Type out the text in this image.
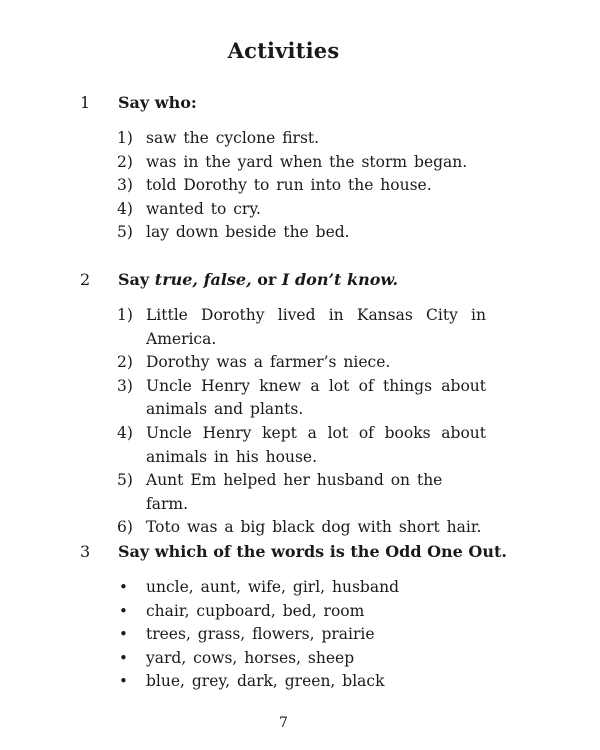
Activities
1 Say who:
1) saw the cyclone first.
2) was in the yard when the storm began.
3) told Dorothy to run into the house.
4) wanted to cry.
5) lay down beside the bed.
2 Say true, false, or I don’t know.
1) Little Dorothy lived in Kansas City in America.
2) Dorothy was a farmer’s niece.
3) Uncle Henry knew a lot of things about animals and plants.
4) Uncle Henry kept a lot of books about animals in his house.
5) Aunt Em helped her husband on the farm.
6) Toto was a big black dog with short hair.
3 Say which of the words is the Odd One Out.
• uncle, aunt, wife, girl, husband
• chair, cupboard, bed, room
• trees, grass, flowers, prairie
• yard, cows, horses, sheep
• blue, grey, dark, green, black
7
